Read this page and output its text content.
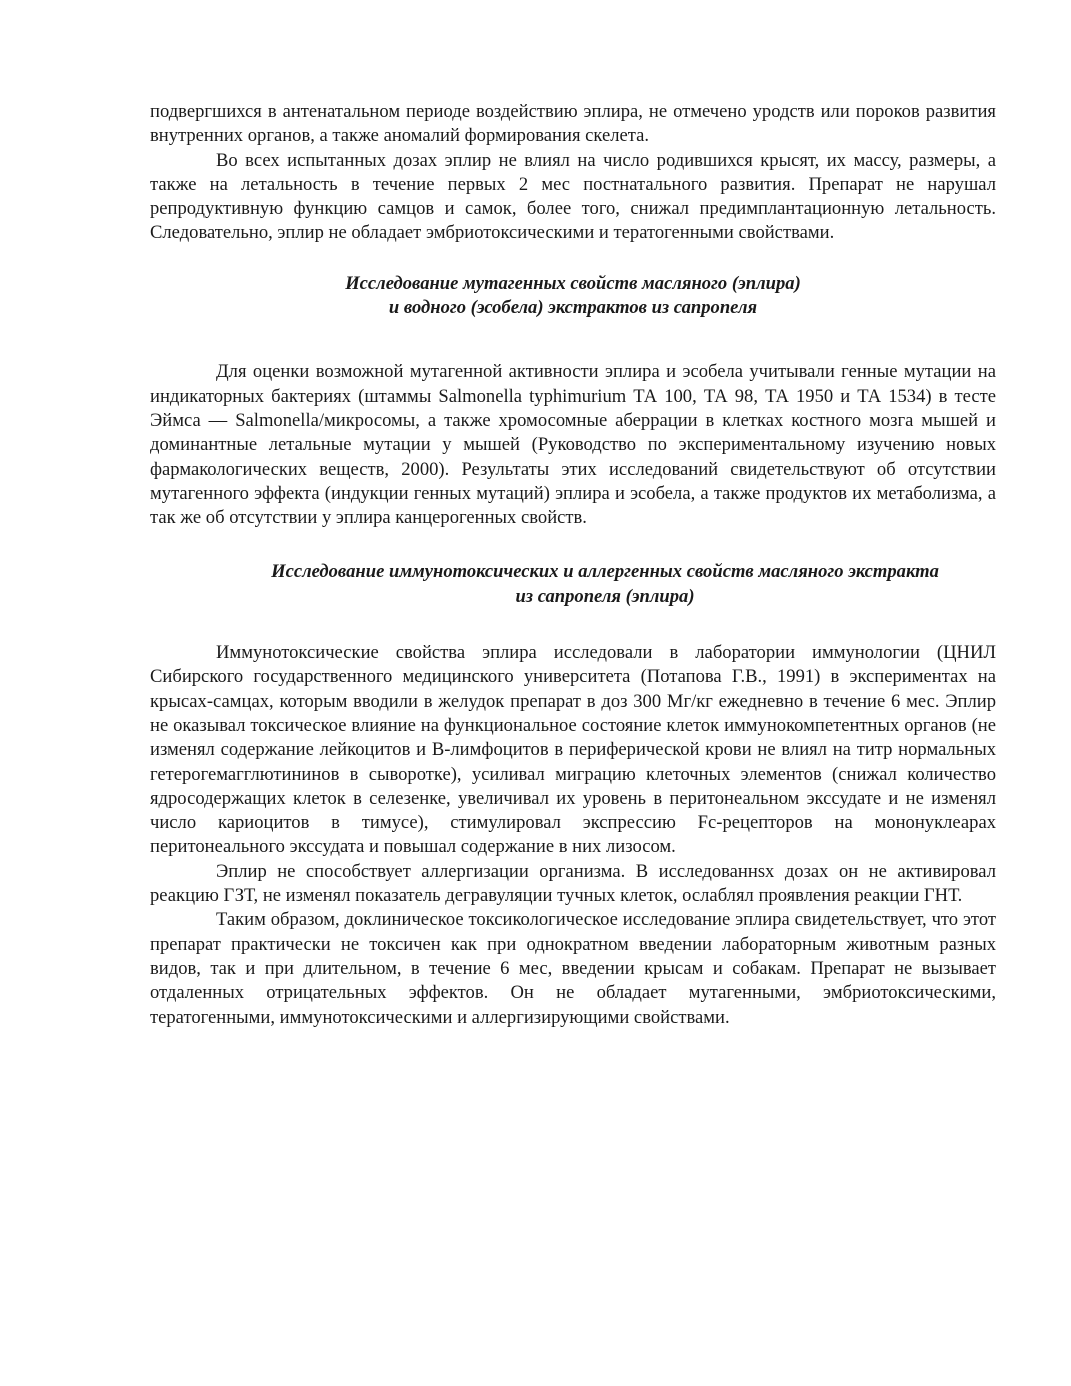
подвергшихся в антенатальном периоде воздействию эплира, не отмечено уродств или пороков развития внутренних органов, а также аномалий формирования скелета.

Во всех испытанных дозах эплир не влиял на число родившихся крысят, их массу, размеры, а также на летальность в течение первых 2 мес постнатального развития. Препарат не нарушал репродуктивную функцию самцов и самок, более того, снижал предимплантационную летальность. Следовательно, эплир не обладает эмбриотоксическими и тератогенными свойствами.

Исследование мутагенных свойств масляного (эплира)
и водного (эсобела) экстрактов из сапропеля

Для оценки возможной мутагенной активности эплира и эсобела учитывали генные мутации на индикаторных бактериях (штаммы Salmonella typhimurium ТА 100, ТА 98, ТА 1950 и ТА 1534) в тесте Эймса — Salmonella/микросомы, а также хромосомные аберрации в клетках костного мозга мышей и доминантные летальные мутации у мышей (Руководство по экспериментальному изучению новых фармакологических веществ, 2000). Результаты этих исследований свидетельствуют об отсутствии мутагенного эффекта (индукции генных мутаций) эплира и эсобела, а также продуктов их метаболизма, а так же об отсутствии у эплира канцерогенных свойств.

Исследование иммунотоксических и аллергенных свойств масляного экстракта
из сапропеля (эплира)

Иммунотоксические свойства эплира исследовали в лаборатории иммунологии (ЦНИЛ Сибирского государственного медицинского университета (Потапова Г.В., 1991) в экспериментах на крысах-самцах, которым вводили в желудок препарат в доз 300 Мг/кг ежедневно в течение 6 мес. Эплир не оказывал токсическое влияние на функциональное состояние клеток иммунокомпетентных органов (не изменял содержание лейкоцитов и В-лимфоцитов в периферической крови не влиял на титр нормальных гетерогемагглютининов в сыворотке), усиливал миграцию клеточных элементов (снижал количество ядросодержащих клеток в селезенке, увеличивал их уровень в перитонеальном экссудате и не изменял число кариоцитов в тимусе), стимулировал экспрессию Fc-рецепторов на мононуклеарах перитонеального экссудата и повышал содержание в них лизосом.

Эплир не способствует аллергизации организма. В исследованнsх дозах он не активировал реакцию ГЗТ, не изменял показатель дегравуляции тучных клеток, ослаблял проявления реакции ГНТ.

Таким образом, доклиническое токсикологическое исследование эплира свидетельствует, что этот препарат практически не токсичен как при однократном введении лабораторным животным разных видов, так и при длительном, в течение 6 мес, введении крысам и собакам. Препарат не вызывает отдаленных отрицательных эффектов. Он не обладает мутагенными, эмбриотоксическими, тератогенными, иммунотоксическими и аллергизирующими свойствами.
